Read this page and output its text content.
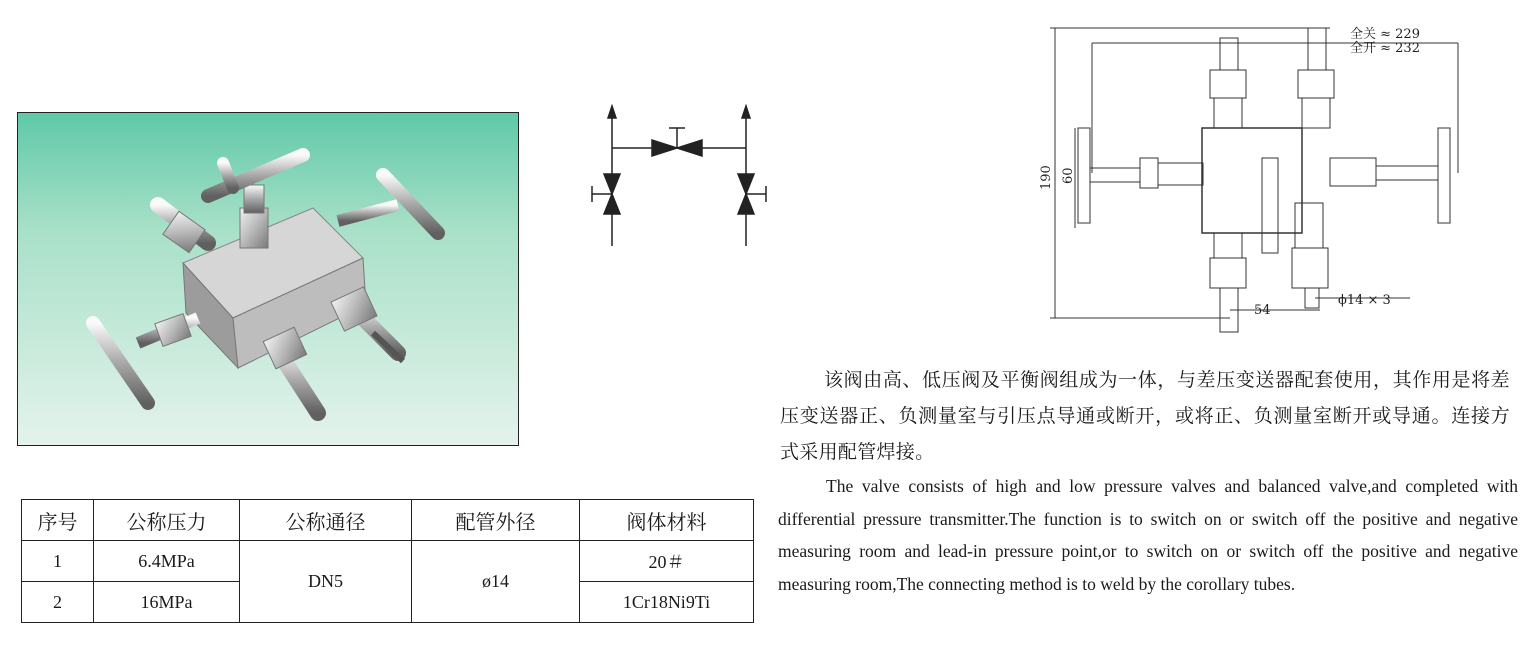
全关 ≈ 229
全开 ≈ 232
190 60
54
ϕ14 × 3
序号	公称压力	公称通径	配管外径	阀体材料
1	6.4MPa	DN5	ø14	20＃
2	16MPa			1Cr18Ni9Ti

该阀由高、低压阀及平衡阀组成为一体，与差压变送器配套使用，其作用是将差压变送器正、负测量室与引压点导通或断开，或将正、负测量室断开或导通。连接方式采用配管焊接。

The valve consists of high and low pressure valves and balanced valve,and completed with differential pressure transmitter.The function is to switch on or switch off the positive and negative measuring room and lead-in pressure point,or to switch on or switch off the positive and negative measuring room,The connecting method is to weld by the corollary tubes.
